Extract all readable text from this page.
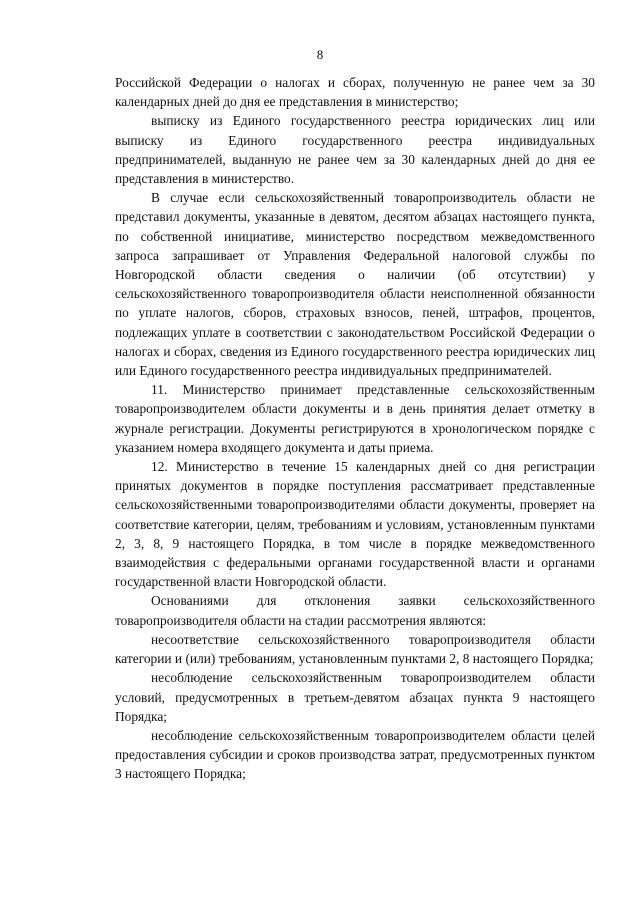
8

Российской Федерации о налогах и сборах, полученную не ранее чем за 30 календарных дней до дня ее представления в министерство;

выписку из Единого государственного реестра юридических лиц или выписку из Единого государственного реестра индивидуальных предпринимателей, выданную не ранее чем за 30 календарных дней до дня ее представления в министерство.

В случае если сельскохозяйственный товаропроизводитель области не представил документы, указанные в девятом, десятом абзацах настоящего пункта, по собственной инициативе, министерство посредством межведомственного запроса запрашивает от Управления Федеральной налоговой службы по Новгородской области сведения о наличии (об отсутствии) у сельскохозяйственного товаропроизводителя области неисполненной обязанности по уплате налогов, сборов, страховых взносов, пеней, штрафов, процентов, подлежащих уплате в соответствии с законодательством Российской Федерации о налогах и сборах, сведения из Единого государственного реестра юридических лиц или Единого государственного реестра индивидуальных предпринимателей.

11. Министерство принимает представленные сельскохозяйственным товаропроизводителем области документы и в день принятия делает отметку в журнале регистрации. Документы регистрируются в хронологическом порядке с указанием номера входящего документа и даты приема.

12. Министерство в течение 15 календарных дней со дня регистрации принятых документов в порядке поступления рассматривает представленные сельскохозяйственными товаропроизводителями области документы, проверяет на соответствие категории, целям, требованиям и условиям, установленным пунктами 2, 3, 8, 9 настоящего Порядка, в том числе в порядке межведомственного взаимодействия с федеральными органами государственной власти и органами государственной власти Новгородской области.

Основаниями для отклонения заявки сельскохозяйственного товаропроизводителя области на стадии рассмотрения являются:

несоответствие сельскохозяйственного товаропроизводителя области категории и (или) требованиям, установленным пунктами 2, 8 настоящего Порядка;

несоблюдение сельскохозяйственным товаропроизводителем области условий, предусмотренных в третьем-девятом абзацах пункта 9 настоящего Порядка;

несоблюдение сельскохозяйственным товаропроизводителем области целей предоставления субсидии и сроков производства затрат, предусмотренных пунктом 3 настоящего Порядка;
